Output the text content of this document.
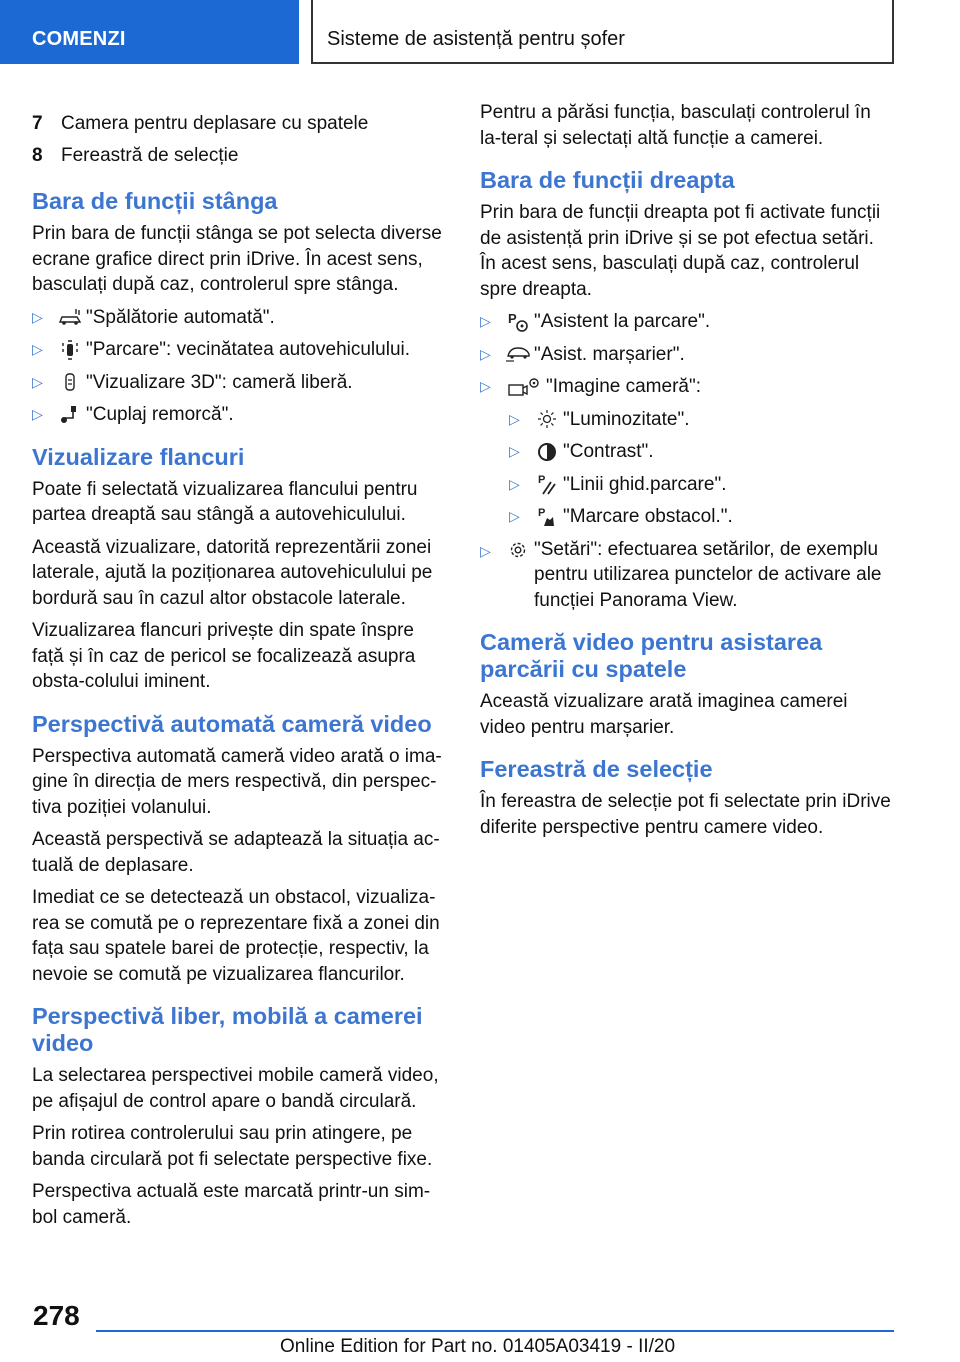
COMENZI	Sisteme de asistență pentru șofer
7 Camera pentru deplasare cu spatele
8 Fereastră de selecție
Bara de funcții stânga

Prin bara de funcții stânga se pot selecta diverse ecrane grafice direct prin iDrive. În acest sens, basculați după caz, controlerul spre stânga.

▷	"Spălătorie automată".
▷	"Parcare": vecinătatea autovehiculului.
▷	"Vizualizare 3D": cameră liberă.
▷	"Cuplaj remorcă".
Vizualizare flancuri

Poate fi selectată vizualizarea flancului pentru partea dreaptă sau stângă a autovehiculului.

Această vizualizare, datorită reprezentării zonei laterale, ajută la poziționarea autovehiculului pe bordură sau în cazul altor obstacole laterale.

Vizualizarea flancuri privește din spate înspre față și în caz de pericol se focalizează asupra obsta-colului iminent.

Perspectivă automată cameră video

Perspectiva automată cameră video arată o ima-gine în direcția de mers respectivă, din perspec-tiva poziției volanului.

Această perspectivă se adaptează la situația ac-tuală de deplasare.

Imediat ce se detectează un obstacol, vizualiza-rea se comută pe o reprezentare fixă a zonei din fața sau spatele barei de protecție, respectiv, la nevoie se comută pe vizualizarea flancurilor.

Perspectivă liber, mobilă a camerei video

La selectarea perspectivei mobile cameră video, pe afișajul de control apare o bandă circulară.

Prin rotirea controlerului sau prin atingere, pe banda circulară pot fi selectate perspective fixe.

Perspectiva actuală este marcată printr-un sim-bol cameră.

Pentru a părăsi funcția, basculați controlerul în la-teral și selectați altă funcție a camerei.

Bara de funcții dreapta

Prin bara de funcții dreapta pot fi activate funcții de asistență prin iDrive și se pot efectua setări. În acest sens, basculați după caz, controlerul spre dreapta.

▷	P "Asistent la parcare".
▷	"Asist. marșarier".
▷	"Imagine cameră":
▷	"Luminozitate".
▷	"Contrast".
▷	P "Linii ghid.parcare".
▷	P "Marcare obstacol.".
▷	"Setări": efectuarea setărilor, de exemplu pentru utilizarea punctelor de activare ale funcției Panorama View.
Cameră video pentru asistarea parcării cu spatele

Această vizualizare arată imaginea camerei video pentru marșarier.

Fereastră de selecție

În fereastra de selecție pot fi selectate prin iDrive diferite perspective pentru camere video.

278
Online Edition for Part no. 01405A03419 - II/20
